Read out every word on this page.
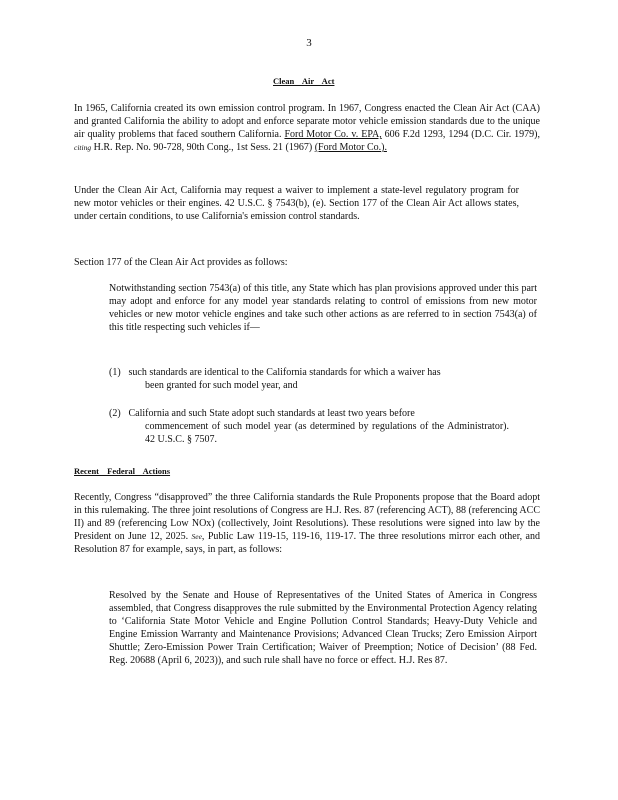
3
Clean Air Act
In 1965, California created its own emission control program. In 1967, Congress enacted the Clean Air Act (CAA) and granted California the ability to adopt and enforce separate motor vehicle emission standards due to the unique air quality problems that faced southern California. Ford Motor Co. v. EPA, 606 F.2d 1293, 1294 (D.C. Cir. 1979), citing H.R. Rep. No. 90-728, 90th Cong., 1st Sess. 21 (1967) (Ford Motor Co.).
Under the Clean Air Act, California may request a waiver to implement a state-level regulatory program for new motor vehicles or their engines. 42 U.S.C. § 7543(b), (e). Section 177 of the Clean Air Act allows states, under certain conditions, to use California's emission control standards.
Section 177 of the Clean Air Act provides as follows:
Notwithstanding section 7543(a) of this title, any State which has plan provisions approved under this part may adopt and enforce for any model year standards relating to control of emissions from new motor vehicles or new motor vehicle engines and take such other actions as are referred to in section 7543(a) of this title respecting such vehicles if—
(1) such standards are identical to the California standards for which a waiver has
been granted for such model year, and
(2) California and such State adopt such standards at least two years before
commencement of such model year (as determined by regulations of the Administrator). 42 U.S.C. § 7507.
Recent Federal Actions
Recently, Congress “disapproved” the three California standards the Rule Proponents propose that the Board adopt in this rulemaking. The three joint resolutions of Congress are H.J. Res. 87 (referencing ACT), 88 (referencing ACC II) and 89 (referencing Low NOx) (collectively, Joint Resolutions). These resolutions were signed into law by the President on June 12, 2025. See, Public Law 119-15, 119-16, 119-17. The three resolutions mirror each other, and Resolution 87 for example, says, in part, as follows:
Resolved by the Senate and House of Representatives of the United States of America in Congress assembled, that Congress disapproves the rule submitted by the Environmental Protection Agency relating to ‘California State Motor Vehicle and Engine Pollution Control Standards; Heavy-Duty Vehicle and Engine Emission Warranty and Maintenance Provisions; Advanced Clean Trucks; Zero Emission Airport Shuttle; Zero-Emission Power Train Certification; Waiver of Preemption; Notice of Decision’ (88 Fed. Reg. 20688 (April 6, 2023)), and such rule shall have no force or effect. H.J. Res 87.
